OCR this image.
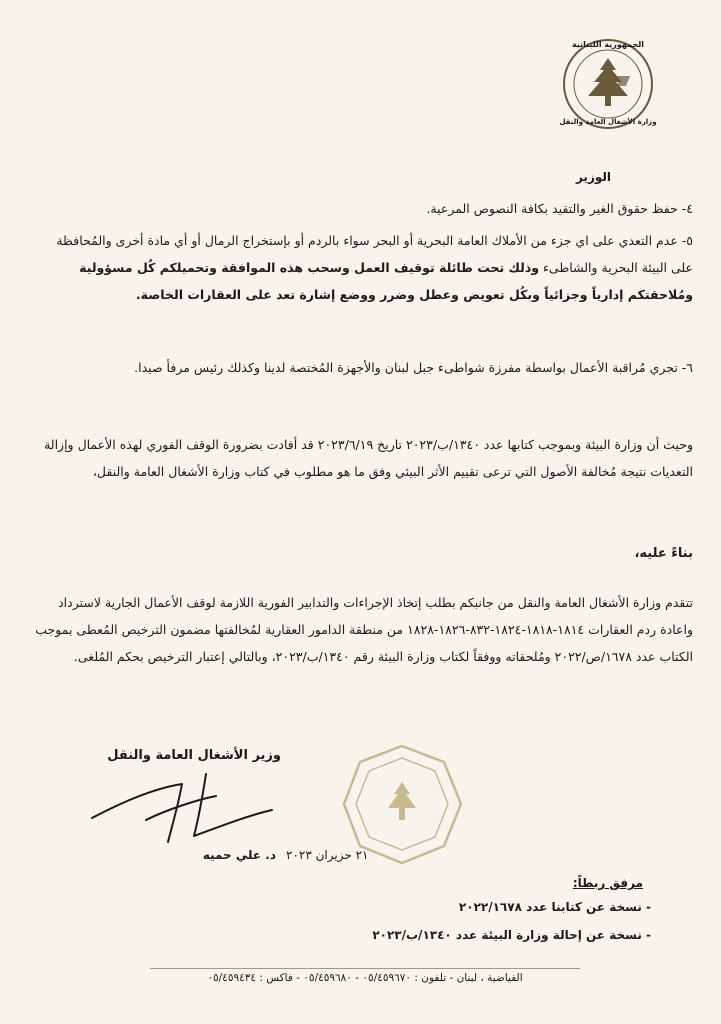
الجمهورية اللبنانية
وزارة الأشغال العامة والنقل
الوزير
٤- حفظ حقوق الغير والتقيد بكافة النصوص المرعية.
٥- عدم التعدي على اي جزء من الأملاك العامة البحرية أو البحر سواء بالردم أو بإستخراج الرمال أو أي مادة أخرى والمُحافظة على البيئة البحرية والشاطىء وذلك تحت طائلة توقيف العمل وسحب هذه الموافقة وتحميلكم كُل مسؤولية ومُلاحقتكم إدارياً وجزائياً وبكُل تعويض وعطل وضرر ووضع إشارة تعد على العقارات الخاصة.
٦- تجري مُراقبة الأعمال بواسطة مفرزة شواطىء جبل لبنان والأجهزة المُختصة لدينا وكذلك رئيس مرفأ صيدا.
وحيث أن وزارة البيئة وبموجب كتابها عدد ١٣٤٠/ب/٢٠٢٣ تاريخ ٢٠٢٣/٦/١٩ قد أفادت بضرورة الوقف الفوري لهذه الأعمال وإزالة التعديات نتيجة مُخالفة الأصول التي ترعى تقييم الأثر البيئي وفق ما هو مطلوب في كتاب وزارة الأشغال العامة والنقل،
بناءً عليه،
تتقدم وزارة الأشغال العامة والنقل من جانبكم بطلب إتخاذ الإجراءات والتدابير الفورية اللازمة لوقف الأعمال الجارية لاسترداد واعادة ردم العقارات ١٨١٤-١٨١٨-١٨٢٤-٨٣٢-١٨٢٦-١٨٢٨ من منطقة الدامور العقارية لمُخالفتها مضمون الترخيص المُعطى بموجب الكتاب عدد ١٦٧٨/ص/٢٠٢٢ ومُلحقاته ووفقاً لكتاب وزارة البيئة رقم ١٣٤٠/ب/٢٠٢٣، وبالتالي إعتبار الترخيص بحكم المُلغى.
وزير الأشغال العامة والنقل
د. علي حميه ٢١ حزيران ٢٠٢٣
مرفق ربطاً:
- نسخة عن كتابنا عدد ٢٠٢٢/١٦٧٨
- نسخة عن إحالة وزارة البيئة عدد ١٣٤٠/ب/٢٠٢٣
الفياضية ، لبنان - تلفون : ٠٥/٤٥٩٦٧٠ - ٠٥/٤٥٩٦٨٠ - فاكس : ٠٥/٤٥٩٤٣٤
